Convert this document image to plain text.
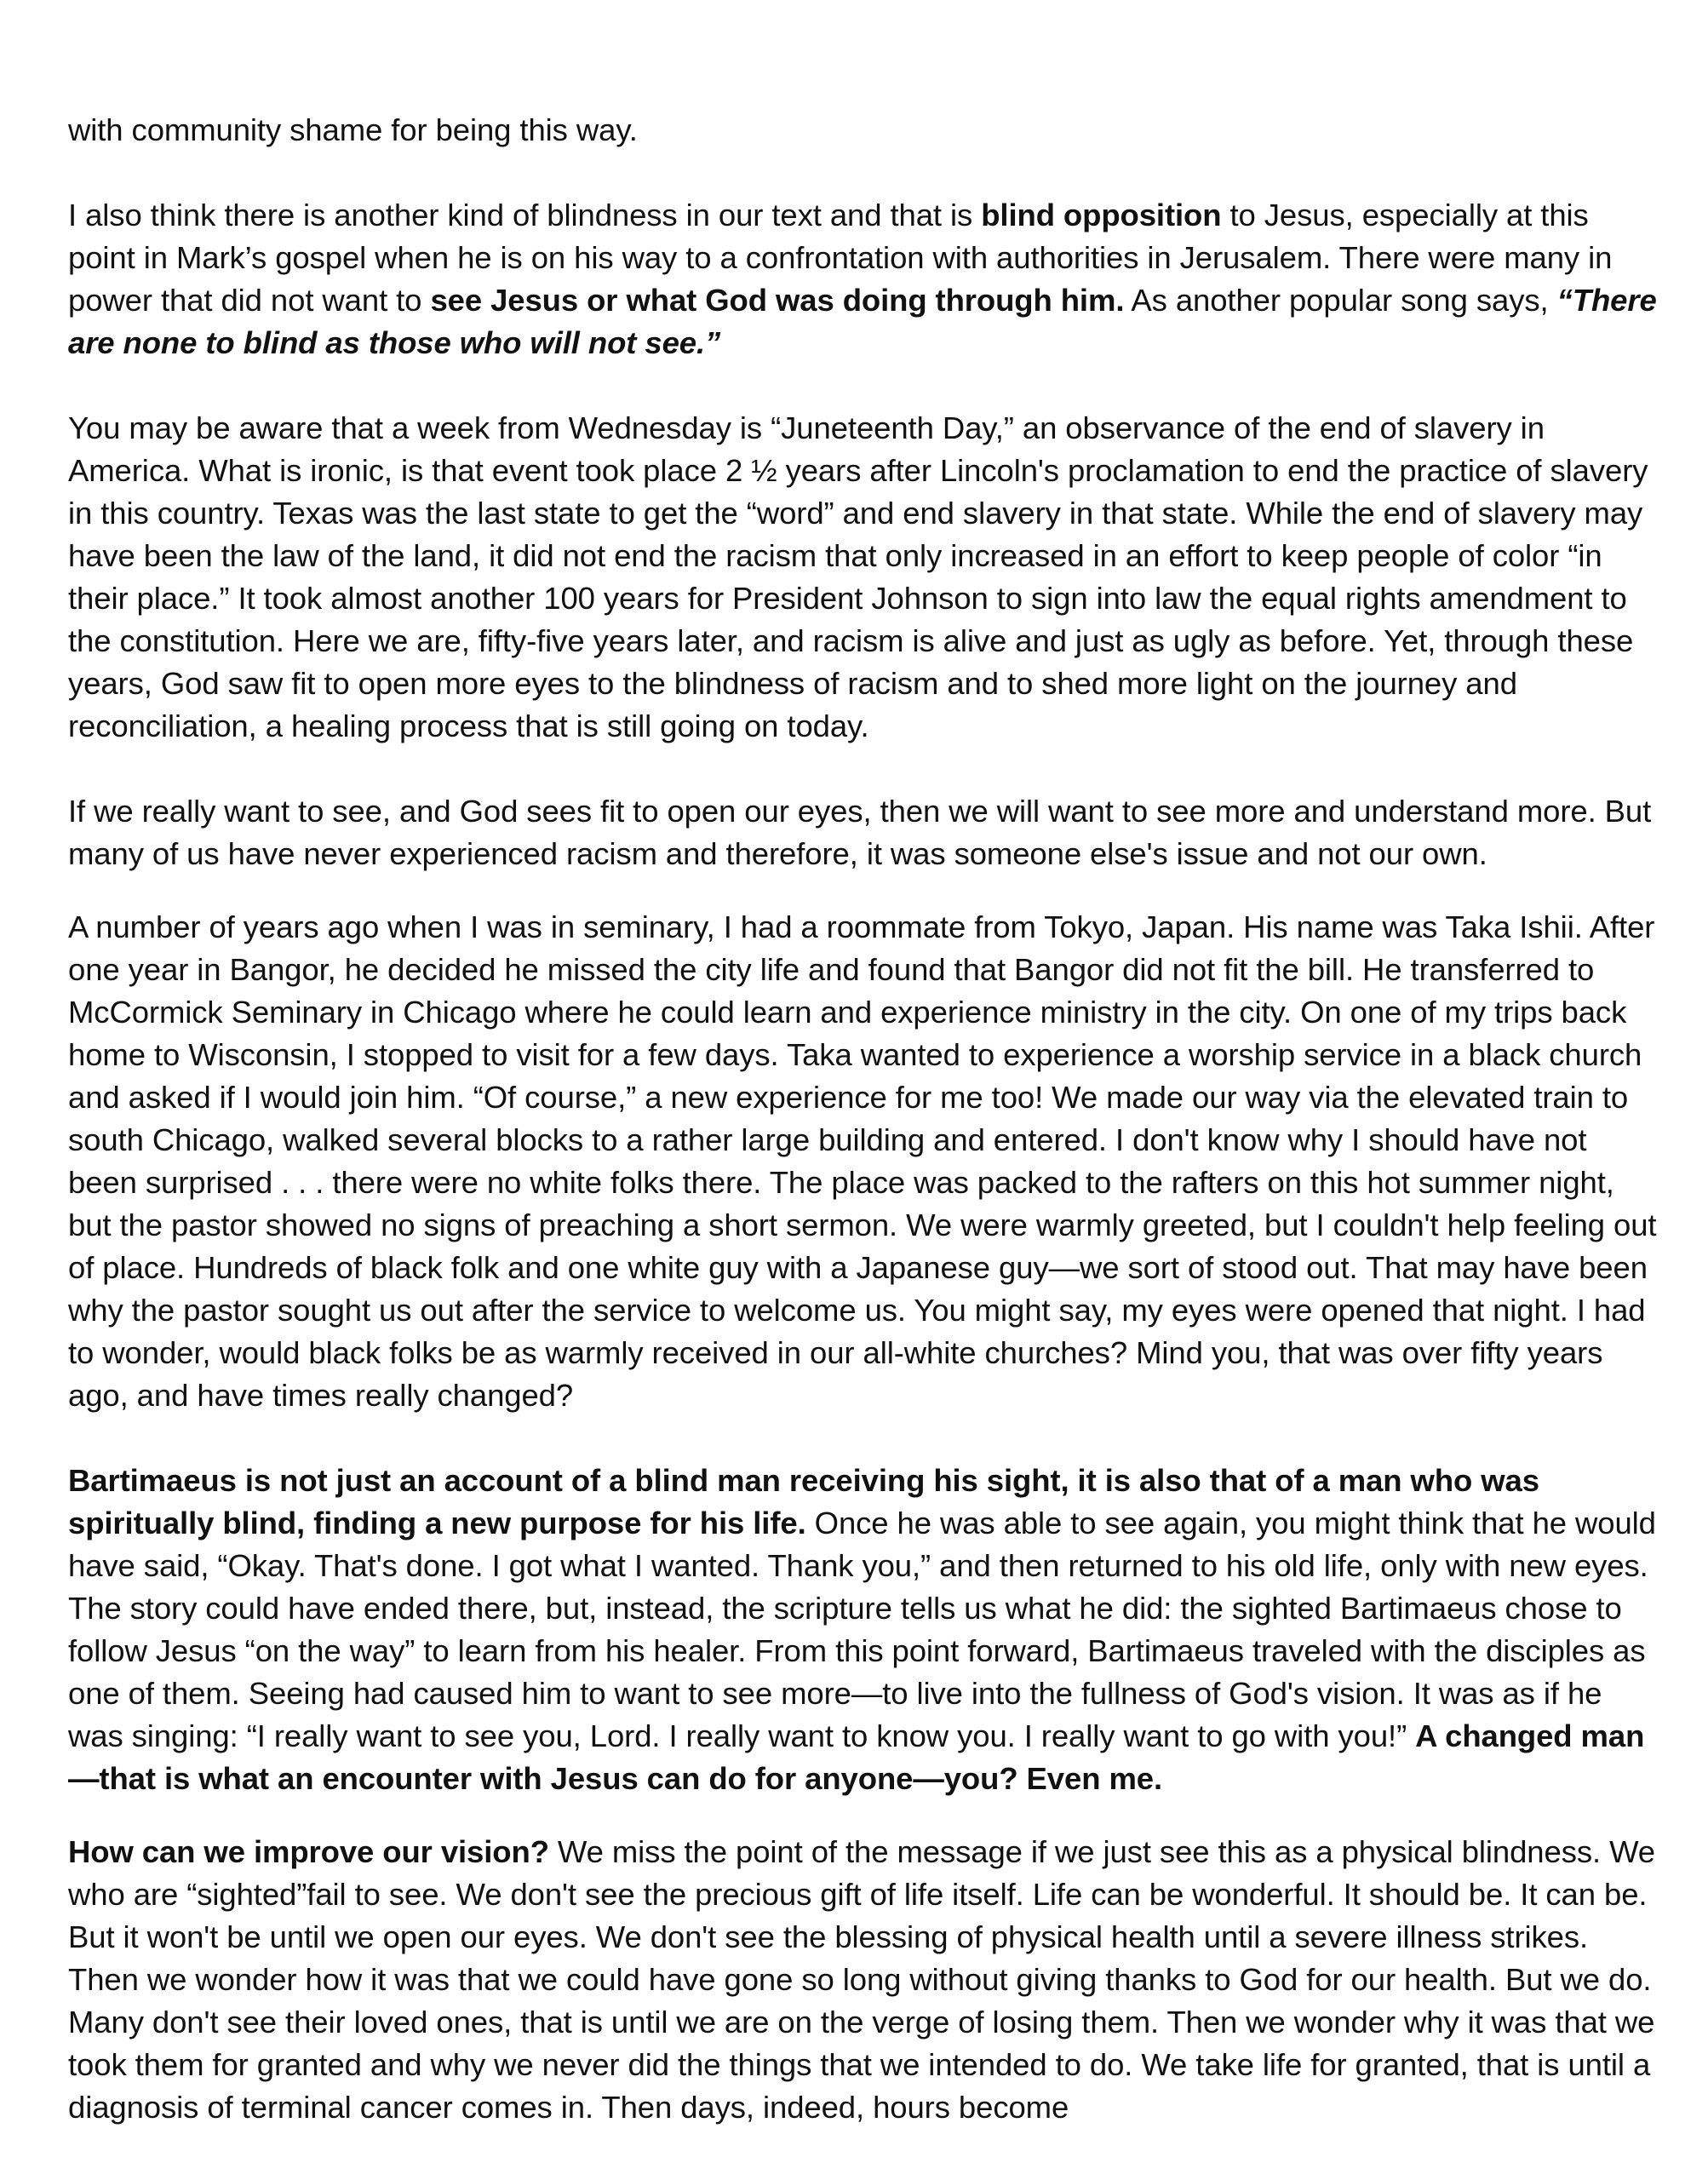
with community shame for being this way.

I also think there is another kind of blindness in our text and that is blind opposition to Jesus, especially at this point in Mark’s gospel when he is on his way to a confrontation with authorities in Jerusalem. There were many in power that did not want to see Jesus or what God was doing through him. As another popular song says, “There are none to blind as those who will not see.”

You may be aware that a week from Wednesday is “Juneteenth Day,” an observance of the end of slavery in America. What is ironic, is that event took place 2 ½ years after Lincoln's proclamation to end the practice of slavery in this country. Texas was the last state to get the “word” and end slavery in that state. While the end of slavery may have been the law of the land, it did not end the racism that only increased in an effort to keep people of color “in their place.” It took almost another 100 years for President Johnson to sign into law the equal rights amendment to the constitution. Here we are, fifty-five years later, and racism is alive and just as ugly as before. Yet, through these years, God saw fit to open more eyes to the blindness of racism and to shed more light on the journey and reconciliation, a healing process that is still going on today.

If we really want to see, and God sees fit to open our eyes, then we will want to see more and understand more. But many of us have never experienced racism and therefore, it was someone else's issue and not our own.

A number of years ago when I was in seminary, I had a roommate from Tokyo, Japan. His name was Taka Ishii. After one year in Bangor, he decided he missed the city life and found that Bangor did not fit the bill. He transferred to McCormick Seminary in Chicago where he could learn and experience ministry in the city. On one of my trips back home to Wisconsin, I stopped to visit for a few days. Taka wanted to experience a worship service in a black church and asked if I would join him. “Of course,” a new experience for me too! We made our way via the elevated train to south Chicago, walked several blocks to a rather large building and entered. I don't know why I should have not been surprised . . . there were no white folks there. The place was packed to the rafters on this hot summer night, but the pastor showed no signs of preaching a short sermon. We were warmly greeted, but I couldn't help feeling out of place. Hundreds of black folk and one white guy with a Japanese guy—we sort of stood out. That may have been why the pastor sought us out after the service to welcome us. You might say, my eyes were opened that night. I had to wonder, would black folks be as warmly received in our all-white churches? Mind you, that was over fifty years ago, and have times really changed?

Bartimaeus is not just an account of a blind man receiving his sight, it is also that of a man who was spiritually blind, finding a new purpose for his life. Once he was able to see again, you might think that he would have said, “Okay. That's done. I got what I wanted. Thank you,” and then returned to his old life, only with new eyes. The story could have ended there, but, instead, the scripture tells us what he did: the sighted Bartimaeus chose to follow Jesus “on the way” to learn from his healer. From this point forward, Bartimaeus traveled with the disciples as one of them. Seeing had caused him to want to see more—to live into the fullness of God's vision. It was as if he was singing: “I really want to see you, Lord. I really want to know you. I really want to go with you!” A changed man—that is what an encounter with Jesus can do for anyone—you? Even me.

How can we improve our vision? We miss the point of the message if we just see this as a physical blindness. We who are “sighted”fail to see. We don't see the precious gift of life itself. Life can be wonderful. It should be. It can be. But it won't be until we open our eyes. We don't see the blessing of physical health until a severe illness strikes. Then we wonder how it was that we could have gone so long without giving thanks to God for our health. But we do. Many don't see their loved ones, that is until we are on the verge of losing them. Then we wonder why it was that we took them for granted and why we never did the things that we intended to do. We take life for granted, that is until a diagnosis of terminal cancer comes in. Then days, indeed, hours become
